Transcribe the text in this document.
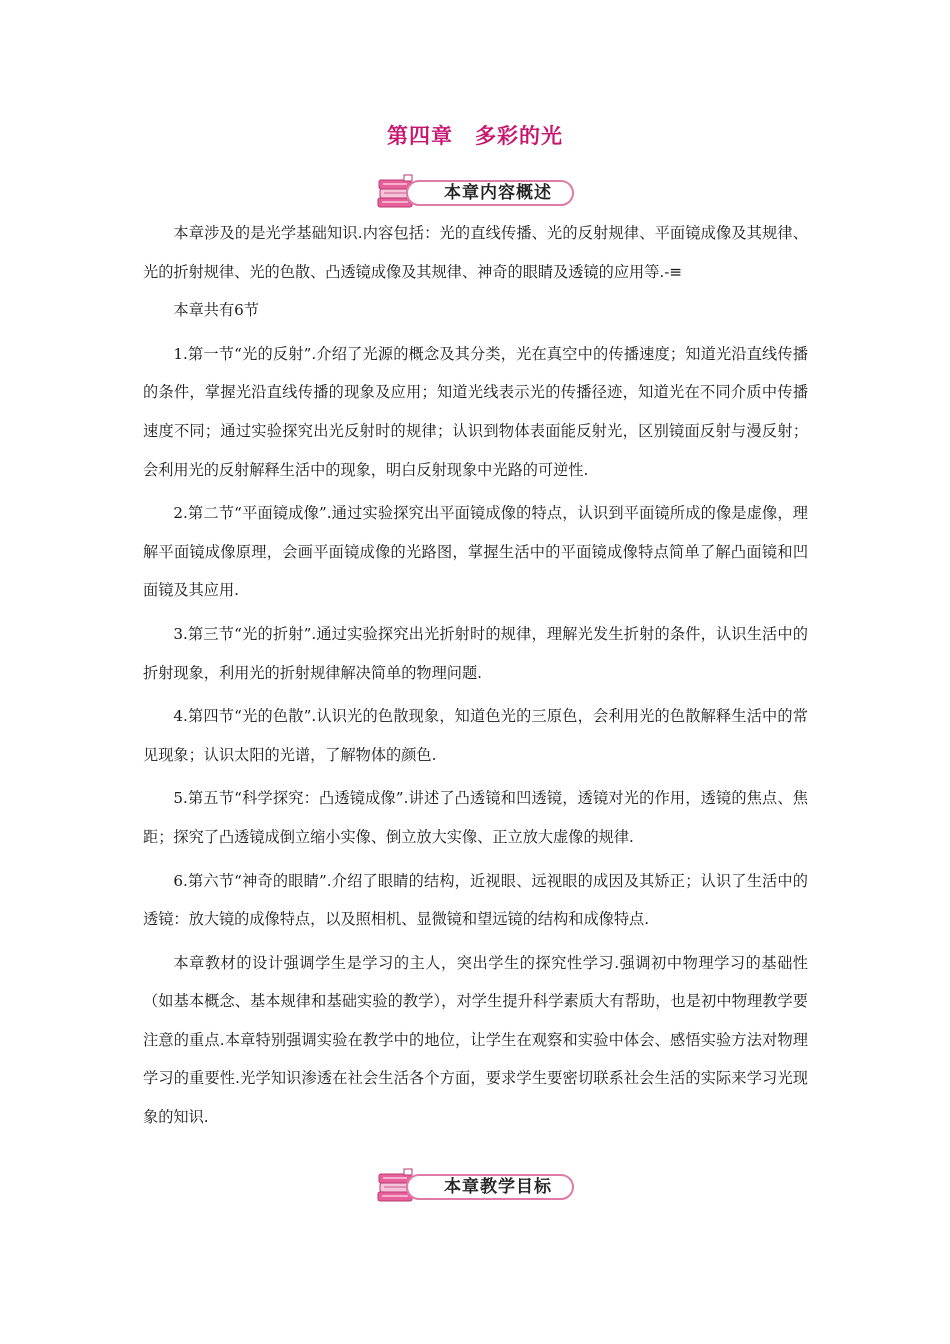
第四章　多彩的光
本章内容概述

本章涉及的是光学基础知识.内容包括：光的直线传播、光的反射规律、平面镜成像及其规律、光的折射规律、光的色散、凸透镜成像及其规律、神奇的眼睛及透镜的应用等.-≡

本章共有6节

1.第一节“光的反射”.介绍了光源的概念及其分类，光在真空中的传播速度；知道光沿直线传播的条件，掌握光沿直线传播的现象及应用；知道光线表示光的传播径迹，知道光在不同介质中传播速度不同；通过实验探究出光反射时的规律；认识到物体表面能反射光，区别镜面反射与漫反射；会利用光的反射解释生活中的现象，明白反射现象中光路的可逆性.

2.第二节“平面镜成像”.通过实验探究出平面镜成像的特点，认识到平面镜所成的像是虚像，理解平面镜成像原理，会画平面镜成像的光路图，掌握生活中的平面镜成像特点简单了解凸面镜和凹面镜及其应用.

3.第三节“光的折射”.通过实验探究出光折射时的规律，理解光发生折射的条件，认识生活中的折射现象，利用光的折射规律解决简单的物理问题.

4.第四节“光的色散”.认识光的色散现象，知道色光的三原色，会利用光的色散解释生活中的常见现象；认识太阳的光谱，了解物体的颜色.

5.第五节“科学探究：凸透镜成像”.讲述了凸透镜和凹透镜，透镜对光的作用，透镜的焦点、焦距；探究了凸透镜成倒立缩小实像、倒立放大实像、正立放大虚像的规律.

6.第六节“神奇的眼睛”.介绍了眼睛的结构，近视眼、远视眼的成因及其矫正；认识了生活中的透镜：放大镜的成像特点，以及照相机、显微镜和望远镜的结构和成像特点.

本章教材的设计强调学生是学习的主人，突出学生的探究性学习.强调初中物理学习的基础性（如基本概念、基本规律和基础实验的教学），对学生提升科学素质大有帮助，也是初中物理教学要注意的重点.本章特别强调实验在教学中的地位，让学生在观察和实验中体会、感悟实验方法对物理学习的重要性.光学知识渗透在社会生活各个方面，要求学生要密切联系社会生活的实际来学习光现象的知识.

本章教学目标
